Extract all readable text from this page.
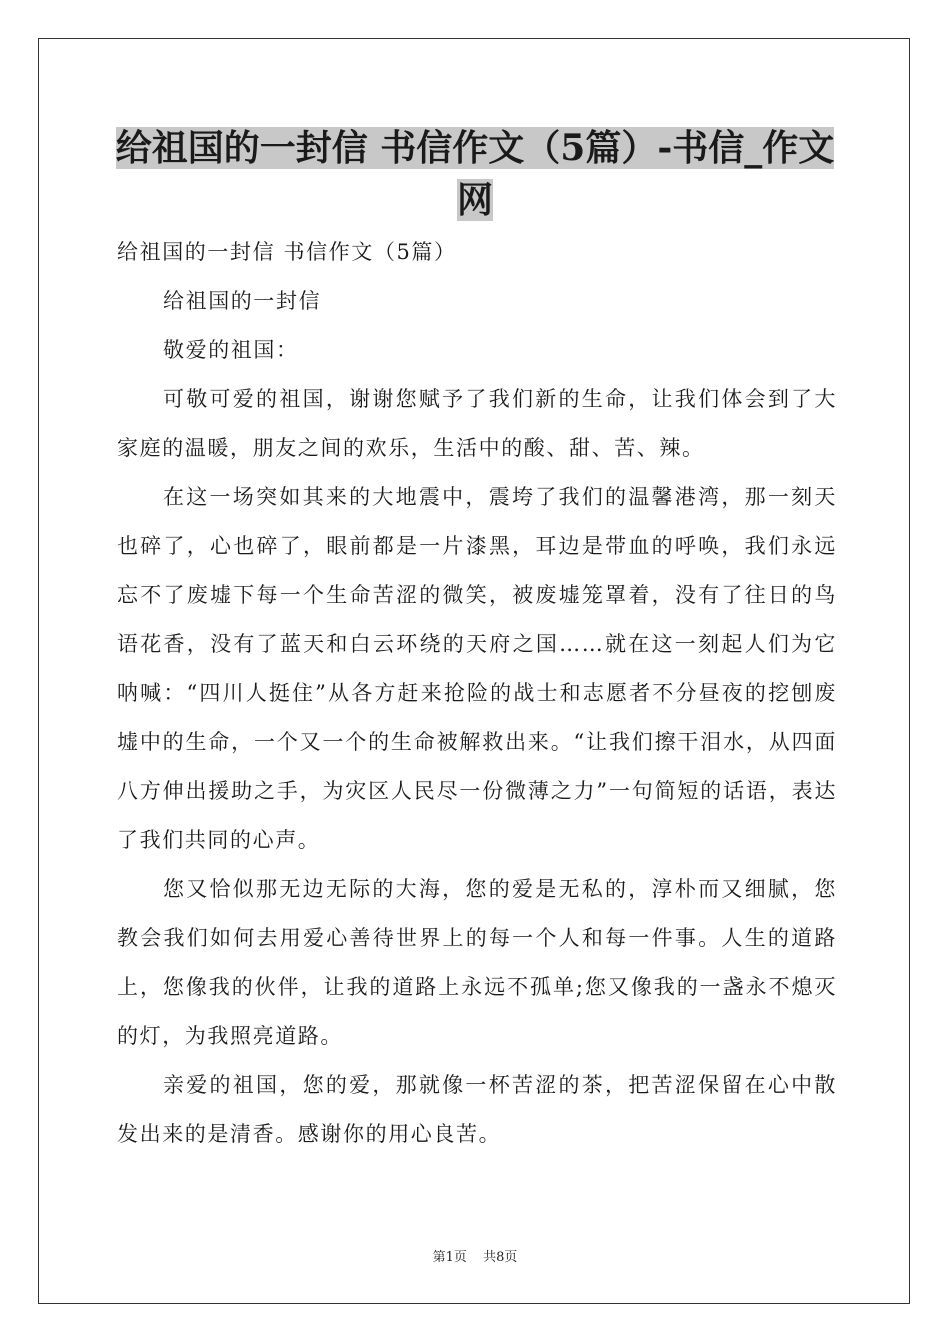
给祖国的一封信 书信作文（5篇）-书信_作文
网

给祖国的一封信 书信作文（5篇）

给祖国的一封信

敬爱的祖国：

可敬可爱的祖国，谢谢您赋予了我们新的生命，让我们体会到了大家庭的温暖，朋友之间的欢乐，生活中的酸、甜、苦、辣。

在这一场突如其来的大地震中，震垮了我们的温馨港湾，那一刻天也碎了，心也碎了，眼前都是一片漆黑，耳边是带血的呼唤，我们永远忘不了废墟下每一个生命苦涩的微笑，被废墟笼罩着，没有了往日的鸟语花香，没有了蓝天和白云环绕的天府之国……就在这一刻起人们为它呐喊：“四川人挺住”从各方赶来抢险的战士和志愿者不分昼夜的挖刨废墟中的生命，一个又一个的生命被解救出来。“让我们擦干泪水，从四面八方伸出援助之手，为灾区人民尽一份微薄之力”一句简短的话语，表达了我们共同的心声。

您又恰似那无边无际的大海，您的爱是无私的，淳朴而又细腻，您教会我们如何去用爱心善待世界上的每一个人和每一件事。人生的道路上，您像我的伙伴，让我的道路上永远不孤单;您又像我的一盏永不熄灭的灯，为我照亮道路。

亲爱的祖国，您的爱，那就像一杯苦涩的茶，把苦涩保留在心中散发出来的是清香。感谢你的用心良苦。

第1页 共8页
